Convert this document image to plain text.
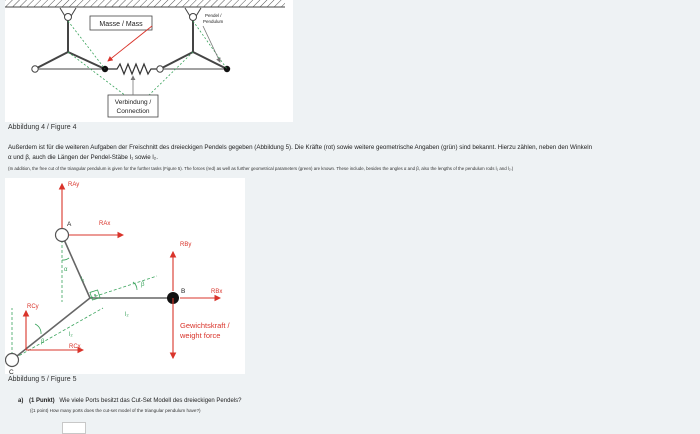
Masse / Mass
Pendel /
Pendulum
Verbindung /
Connection
Abbildung 4 / Figure 4
Außerdem ist für die weiteren Aufgaben der Freischnitt des dreieckigen Pendels gegeben (Abbildung 5). Die Kräfte (rot) sowie weitere geometrische Angaben (grün) sind bekannt. Hierzu zählen, neben den Winkeln
α und β, auch die Längen der Pendel-Stäbe l₁ sowie l₂.
(In addition, the free cut of the triangular pendulum is given for the further tasks (Figure 5). The forces (red) as well as further geometrical parameters (green) are known. These include, besides the angles α and β, also the lengths of the pendulum rods l₁ and l₂.)
RAy
RAx
RBy
RBx
RCy
RCx
Gewichtskraft /
weight force
A
B
C
α
l₁
β
l₂
β
l₂
Abbildung 5 / Figure 5
a) (1 Punkt) Wie viele Ports besitzt das Cut-Set Modell des dreieckigen Pendels?
((1 point) How many ports does the cut-set model of the triangular pendulum have?)
